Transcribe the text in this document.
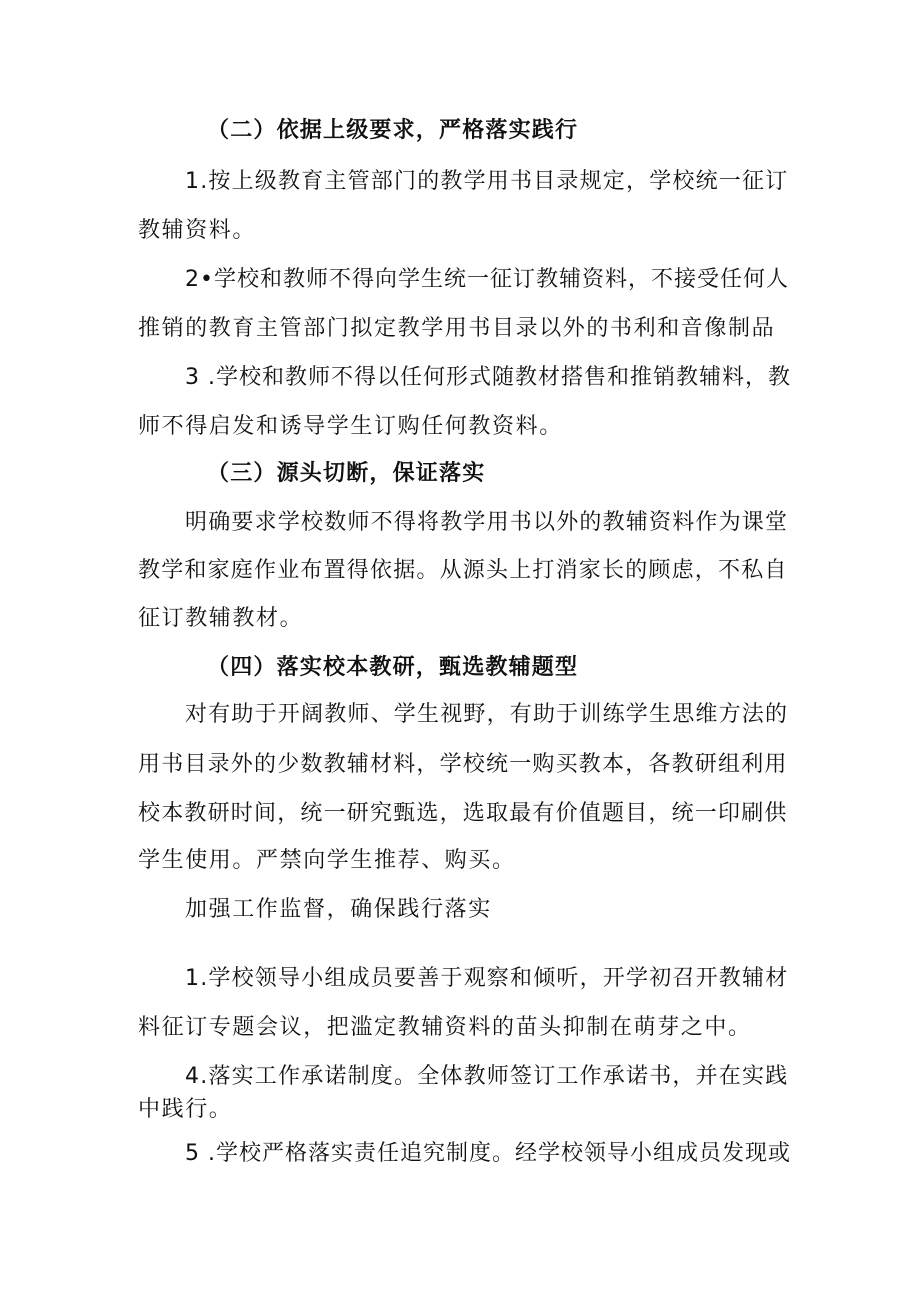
（二）依据上级要求，严格落实践行
1.按上级教育主管部门的教学用书目录规定，学校统一征订
教辅资料。
2•学校和教师不得向学生统一征订教辅资料，不接受任何人
推销的教育主管部门拟定教学用书目录以外的书利和音像制品
3 .学校和教师不得以任何形式随教材搭售和推销教辅料，教
师不得启发和诱导学生订购任何教资料。
（三）源头切断，保证落实
明确要求学校数师不得将教学用书以外的教辅资料作为课堂
教学和家庭作业布置得依据。从源头上打消家长的顾虑，不私自
征订教辅教材。
（四）落实校本教研，甄选教辅题型
对有助于开阔教师、学生视野，有助于训练学生思维方法的
用书目录外的少数教辅材料，学校统一购买教本，各教研组利用
校本教研时间，统一研究甄选，选取最有价值题目，统一印刷供
学生使用。严禁向学生推荐、购买。
加强工作监督，确保践行落实
1.学校领导小组成员要善于观察和倾听，开学初召开教辅材
料征订专题会议，把滥定教辅资料的苗头抑制在萌芽之中。
4.落实工作承诺制度。全体教师签订工作承诺书，并在实践
中践行。
5 .学校严格落实责任追究制度。经学校领导小组成员发现或
